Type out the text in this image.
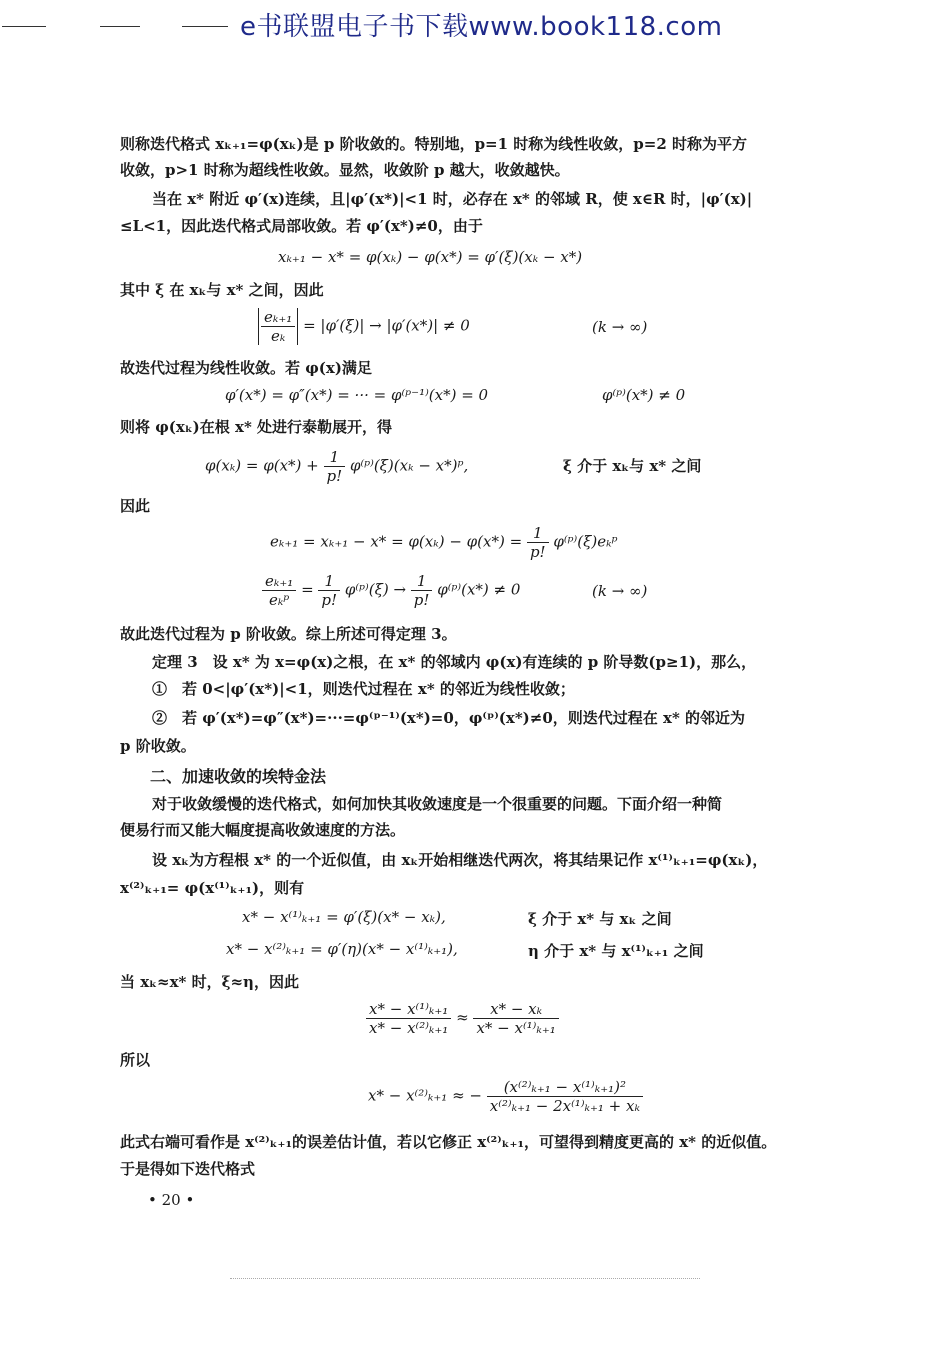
e书联盟电子书下载www.book118.com
则称迭代格式 xₖ₊₁=φ(xₖ)是 p 阶收敛的。特别地，p=1 时称为线性收敛，p=2 时称为平方
收敛，p>1 时称为超线性收敛。显然，收敛阶 p 越大，收敛越快。
当在 x* 附近 φ′(x)连续，且|φ′(x*)|<1 时，必存在 x* 的邻域 R，使 x∈R 时，|φ′(x)|
≤L<1，因此迭代格式局部收敛。若 φ′(x*)≠0，由于
xₖ₊₁ − x* = φ(xₖ) − φ(x*) = φ′(ξ)(xₖ − x*)
其中 ξ 在 xₖ与 x* 之间，因此
$\frac{\text{eₖ₊₁}}{\text{eₖ}} = |\varphi'(\xi)| \to |\varphi'(x*)| \ne 0$	(k → ∞)
故迭代过程为线性收敛。若 φ(x)满足
φ′(x*) = φ″(x*) = ··· = φ⁽ᵖ⁻¹⁾(x*) = 0	φ⁽ᵖ⁾(x*) ≠ 0
则将 φ(xₖ)在根 x* 处进行泰勒展开，得
$\varphi(x_k) = \varphi(x*) + \frac{1}{p!}$ φ⁽ᵖ⁾(ξ)(xₖ − x*)ᵖ,	ξ 介于 xₖ与 x* 之间
因此
$e_{k+1} = x_{k+1} - x* = \varphi(x_k) - \varphi(x*) = \frac{1}{p!}$ φ⁽ᵖ⁾(ξ)eₖᵖ
$\frac{\text{eₖ₊₁}}{\text{eₖᵖ}} = \frac{1}{p!}$ φ⁽ᵖ⁾(ξ) → $\frac{1}{p!}$ φ⁽ᵖ⁾(x*) ≠ 0	(k → ∞)
故此迭代过程为 p 阶收敛。综上所述可得定理 3。
定理 3　设 x* 为 x=φ(x)之根，在 x* 的邻域内 φ(x)有连续的 p 阶导数(p≥1)，那么，
①　若 0<|φ′(x*)|<1，则迭代过程在 x* 的邻近为线性收敛；
②　若 φ′(x*)=φ″(x*)=···=φ⁽ᵖ⁻¹⁾(x*)=0，φ⁽ᵖ⁾(x*)≠0，则迭代过程在 x* 的邻近为
p 阶收敛。
二、加速收敛的埃特金法
对于收敛缓慢的迭代格式，如何加快其收敛速度是一个很重要的问题。下面介绍一种简
便易行而又能大幅度提高收敛速度的方法。
设 xₖ为方程根 x* 的一个近似值，由 xₖ开始相继迭代两次，将其结果记作 x⁽¹⁾ₖ₊₁=φ(xₖ)，
x⁽²⁾ₖ₊₁= φ(x⁽¹⁾ₖ₊₁)，则有
x* − x⁽¹⁾ₖ₊₁ = φ′(ξ)(x* − xₖ),	ξ 介于 x* 与 xₖ 之间
x* − x⁽²⁾ₖ₊₁ = φ′(η)(x* − x⁽¹⁾ₖ₊₁),	η 介于 x* 与 x⁽¹⁾ₖ₊₁ 之间
当 xₖ≈x* 时，ξ≈η，因此
$\frac{\text{x* − x⁽¹⁾ₖ₊₁}}{\text{x* − x⁽²⁾ₖ₊₁}} \approx \frac{\text{x* − xₖ}}{\text{x* − x⁽¹⁾ₖ₊₁}}$
所以
x* − x⁽²⁾ₖ₊₁ ≈ − $\frac{\text{(x⁽²⁾ₖ₊₁ − x⁽¹⁾ₖ₊₁)²}}{\text{x⁽²⁾ₖ₊₁ − 2x⁽¹⁾ₖ₊₁ + xₖ}}$
此式右端可看作是 x⁽²⁾ₖ₊₁的误差估计值，若以它修正 x⁽²⁾ₖ₊₁，可望得到精度更高的 x* 的近似值。
于是得如下迭代格式
• 20 •
